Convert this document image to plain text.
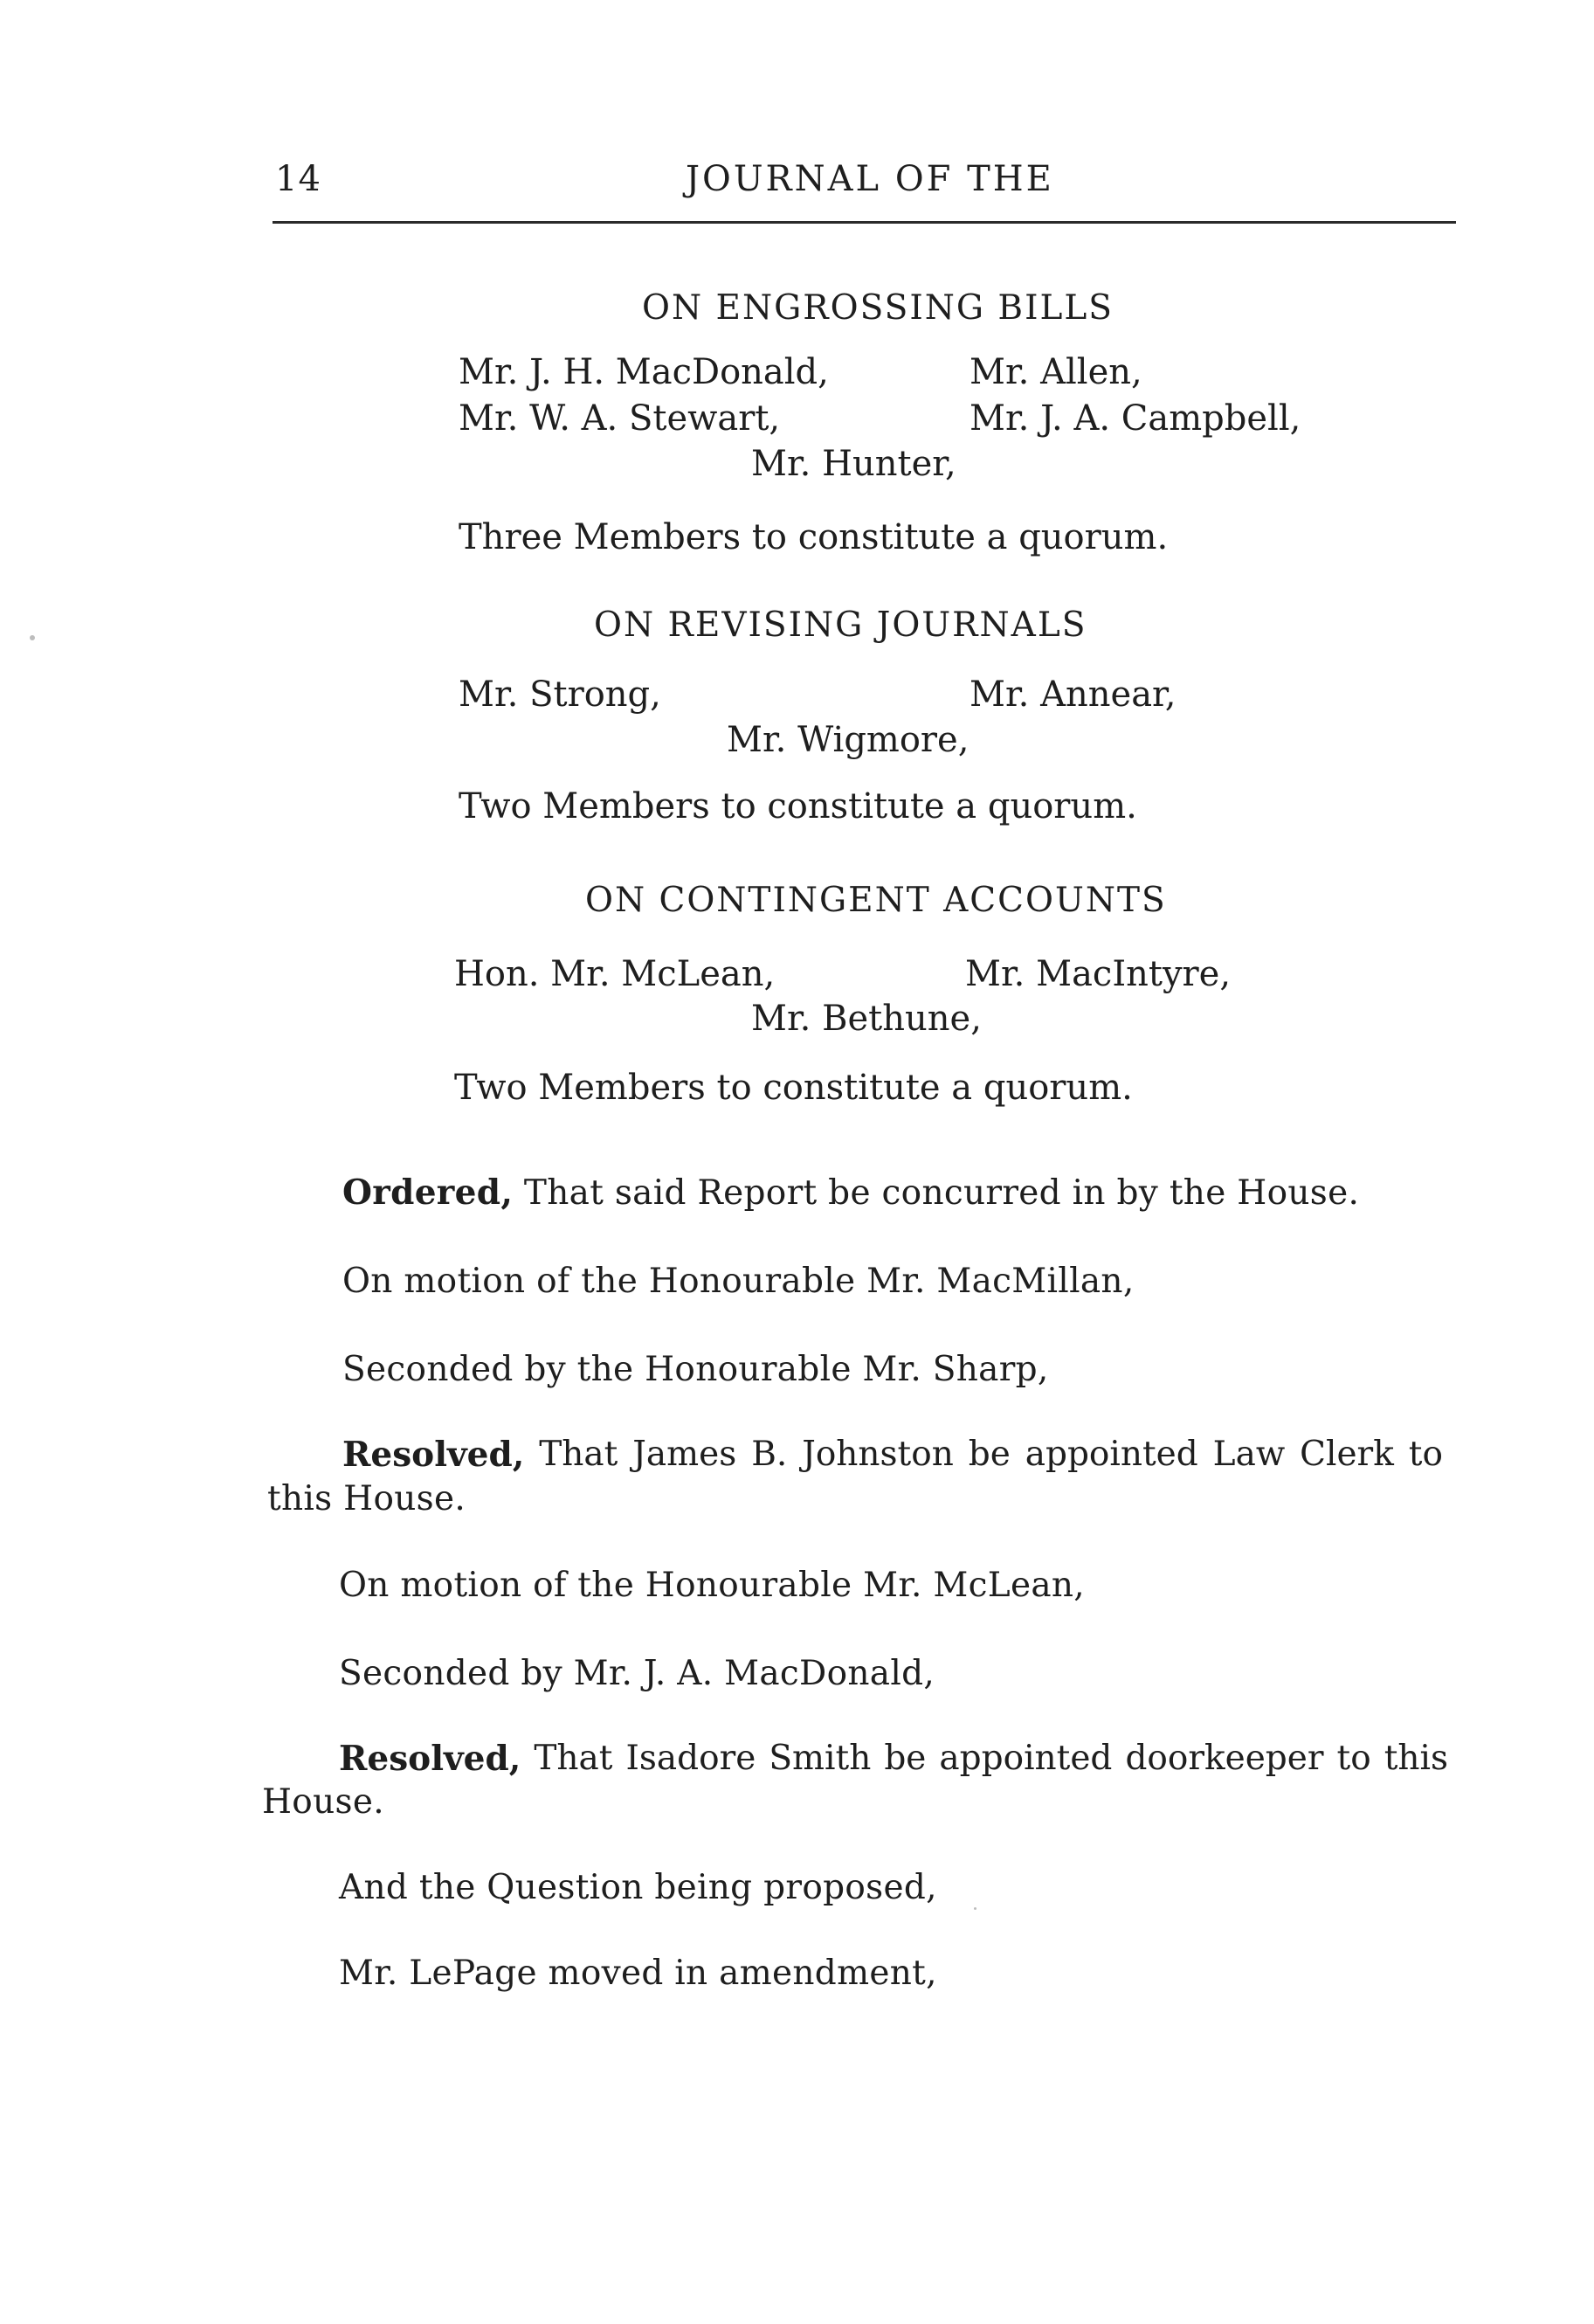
14	JOURNAL OF THE
ON ENGROSSING BILLS
Mr. J. H. MacDonald,	Mr. Allen,
Mr. W. A. Stewart,	Mr. J. A. Campbell,
Mr. Hunter,
Three Members to constitute a quorum.
ON REVISING JOURNALS
Mr. Strong,	Mr. Annear,
Mr. Wigmore,
Two Members to constitute a quorum.
ON CONTINGENT ACCOUNTS
Hon. Mr. McLean,	Mr. MacIntyre,
Mr. Bethune,
Two Members to constitute a quorum.
Ordered, That said Report be concurred in by the House.
On motion of the Honourable Mr. MacMillan,
Seconded by the Honourable Mr. Sharp,
Resolved, That James B. Johnston be appointed Law Clerk to
this House.
On motion of the Honourable Mr. McLean,
Seconded by Mr. J. A. MacDonald,
Resolved, That Isadore Smith be appointed doorkeeper to this
House.
And the Question being proposed,
Mr. LePage moved in amendment,
